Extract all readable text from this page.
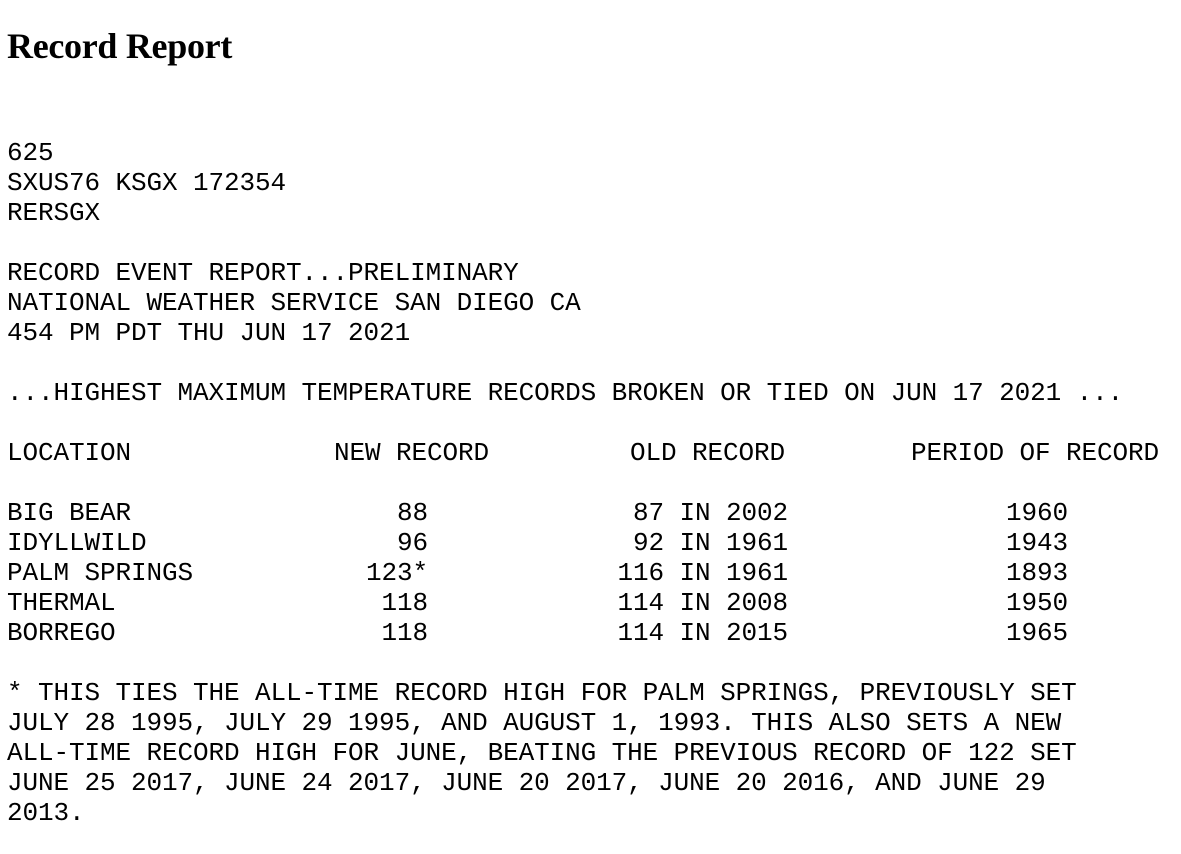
Record Report
625
SXUS76 KSGX 172354
RERSGX
RECORD EVENT REPORT...PRELIMINARY
NATIONAL WEATHER SERVICE SAN DIEGO CA
454 PM PDT THU JUN 17 2021
...HIGHEST MAXIMUM TEMPERATURE RECORDS BROKEN OR TIED ON JUN 17 2021 ...
LOCATION	NEW RECORD	OLD RECORD	PERIOD OF RECORD
BIG BEAR	88	87 IN 2002	1960
IDYLLWILD	96	92 IN 1961	1943
PALM SPRINGS	123*	116 IN 1961	1893
THERMAL	118	114 IN 2008	1950
BORREGO	118	114 IN 2015	1965
* THIS TIES THE ALL-TIME RECORD HIGH FOR PALM SPRINGS, PREVIOUSLY SET
JULY 28 1995, JULY 29 1995, AND AUGUST 1, 1993. THIS ALSO SETS A NEW
ALL-TIME RECORD HIGH FOR JUNE, BEATING THE PREVIOUS RECORD OF 122 SET
JUNE 25 2017, JUNE 24 2017, JUNE 20 2017, JUNE 20 2016, AND JUNE 29
2013.
